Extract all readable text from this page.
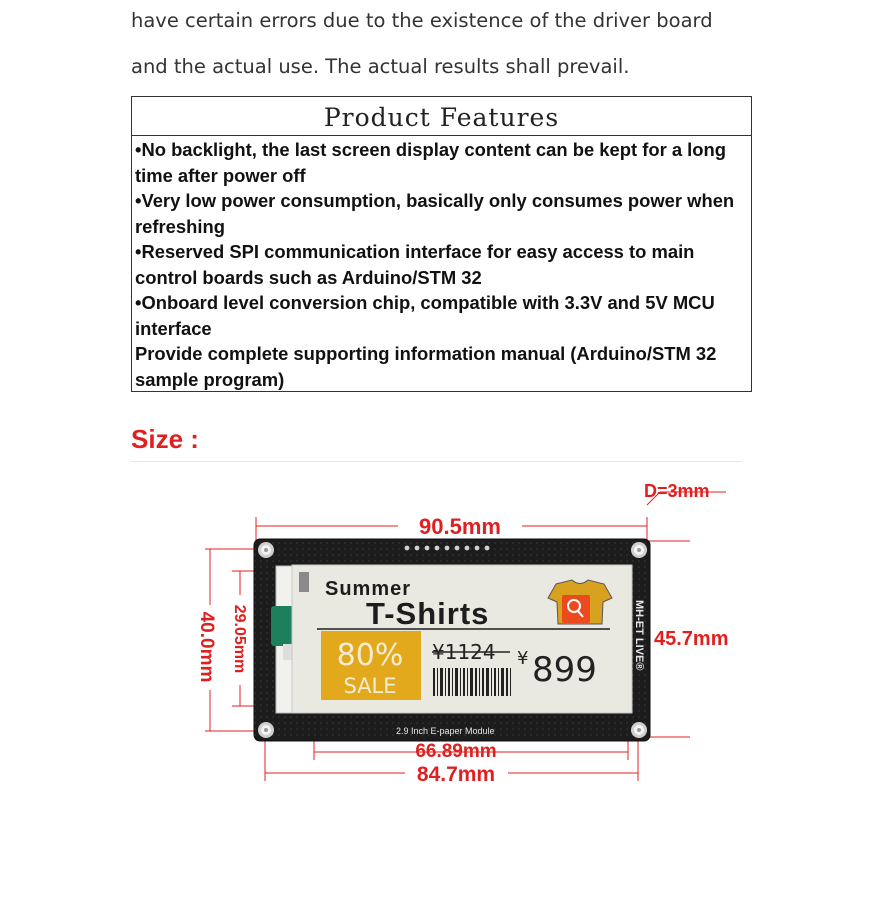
have certain errors due to the existence of the driver board
and the actual use. The actual results shall prevail.
Product Features
•No backlight, the last screen display content can be kept for a long
time after power off
•Very low power consumption, basically only consumes power when
refreshing
•Reserved SPI communication interface for easy access to main
control boards such as Arduino/STM 32
•Onboard level conversion chip, compatible with 3.3V and 5V MCU
interface
Provide complete supporting information manual (Arduino/STM 32
sample program)
Size :
D=3mm
90.5mm
45.7mm
40.0mm 29.05mm
66.89mm
84.7mm
Summer
T-Shirts
80%
SALE
¥1124 ¥ 899	MH-ET LIVE®
2.9 Inch E-paper Module
